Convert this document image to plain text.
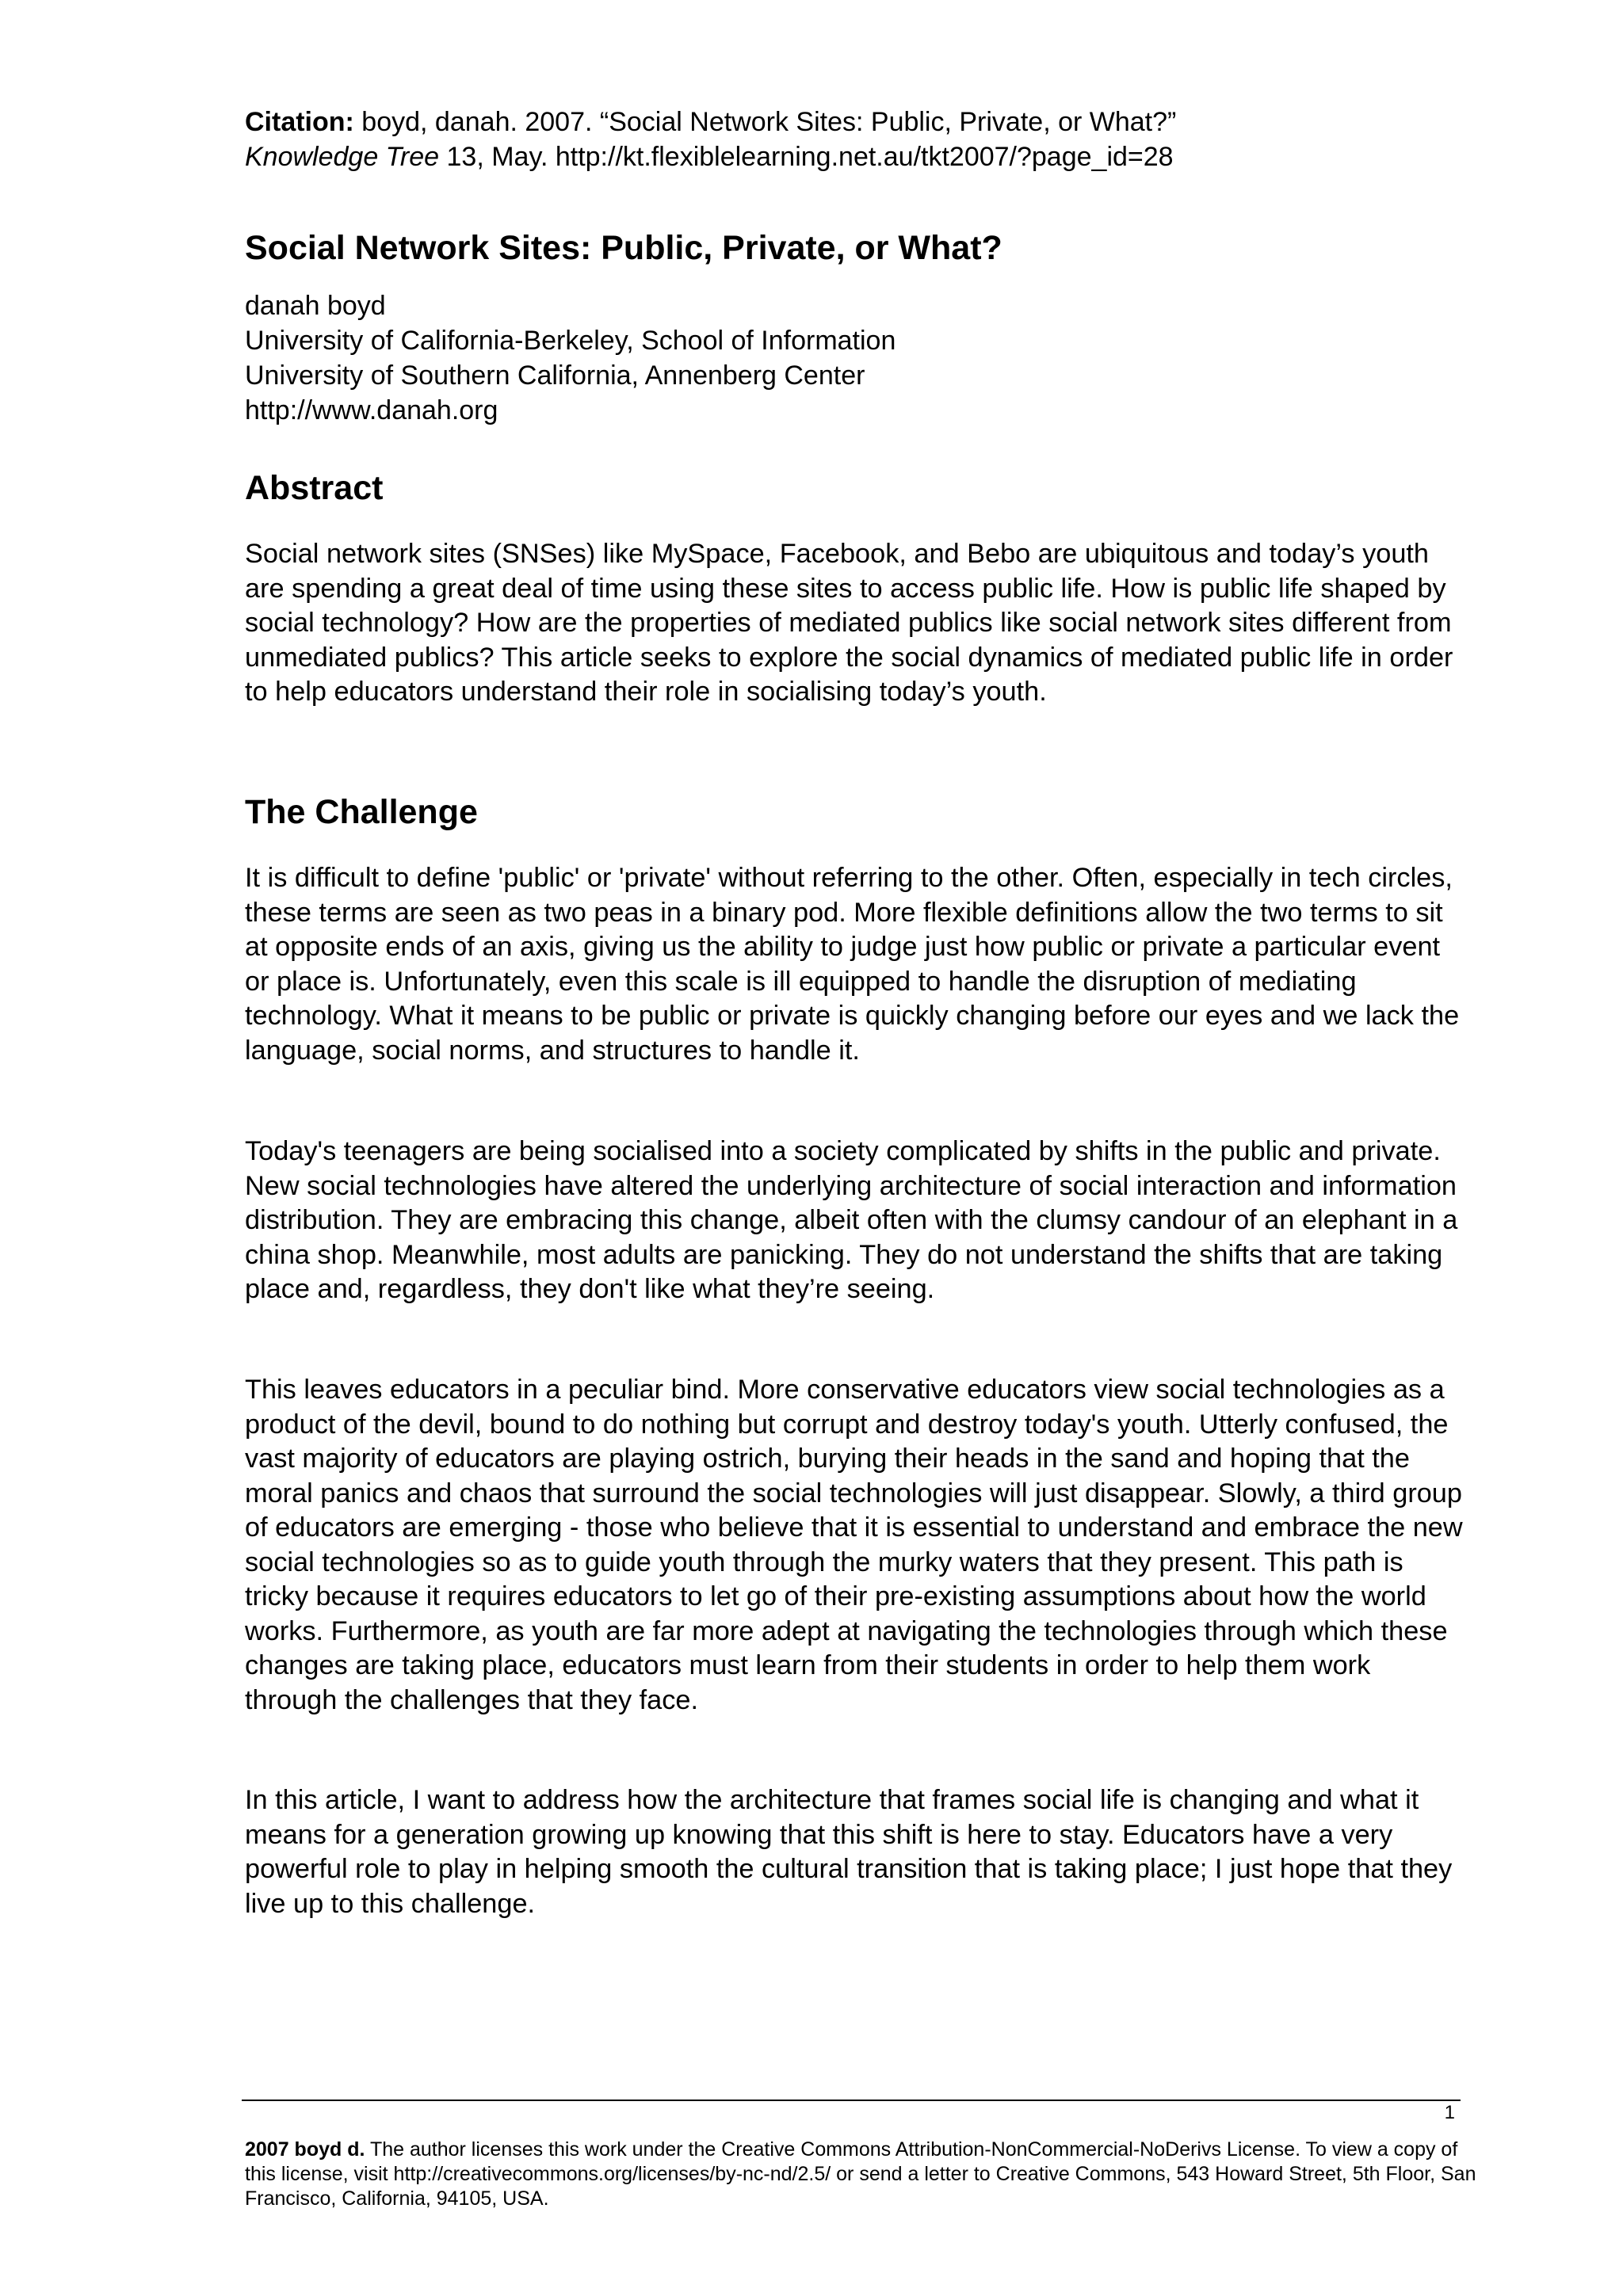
Citation: boyd, danah. 2007. “Social Network Sites: Public, Private, or What?”
Knowledge Tree 13, May. http://kt.flexiblelearning.net.au/tkt2007/?page_id=28
Social Network Sites: Public, Private, or What?
danah boyd
University of California-Berkeley, School of Information
University of Southern California, Annenberg Center
http://www.danah.org
Abstract

Social network sites (SNSes) like MySpace, Facebook, and Bebo are ubiquitous and today’s youth are spending a great deal of time using these sites to access public life. How is public life shaped by social technology? How are the properties of mediated publics like social network sites different from unmediated publics? This article seeks to explore the social dynamics of mediated public life in order to help educators understand their role in socialising today’s youth.

The Challenge

It is difficult to define 'public' or 'private' without referring to the other. Often, especially in tech circles, these terms are seen as two peas in a binary pod. More flexible definitions allow the two terms to sit at opposite ends of an axis, giving us the ability to judge just how public or private a particular event or place is. Unfortunately, even this scale is ill equipped to handle the disruption of mediating technology. What it means to be public or private is quickly changing before our eyes and we lack the language, social norms, and structures to handle it.

Today's teenagers are being socialised into a society complicated by shifts in the public and private. New social technologies have altered the underlying architecture of social interaction and information distribution. They are embracing this change, albeit often with the clumsy candour of an elephant in a china shop. Meanwhile, most adults are panicking. They do not understand the shifts that are taking place and, regardless, they don't like what they’re seeing.

This leaves educators in a peculiar bind. More conservative educators view social technologies as a product of the devil, bound to do nothing but corrupt and destroy today's youth. Utterly confused, the vast majority of educators are playing ostrich, burying their heads in the sand and hoping that the moral panics and chaos that surround the social technologies will just disappear. Slowly, a third group of educators are emerging - those who believe that it is essential to understand and embrace the new social technologies so as to guide youth through the murky waters that they present. This path is tricky because it requires educators to let go of their pre-existing assumptions about how the world works. Furthermore, as youth are far more adept at navigating the technologies through which these changes are taking place, educators must learn from their students in order to help them work through the challenges that they face.

In this article, I want to address how the architecture that frames social life is changing and what it means for a generation growing up knowing that this shift is here to stay. Educators have a very powerful role to play in helping smooth the cultural transition that is taking place; I just hope that they live up to this challenge.

1
2007 boyd d. The author licenses this work under the Creative Commons Attribution-NonCommercial-NoDerivs License. To view a copy of this license, visit http://creativecommons.org/licenses/by-nc-nd/2.5/ or send a letter to Creative Commons, 543 Howard Street, 5th Floor, San Francisco, California, 94105, USA.
